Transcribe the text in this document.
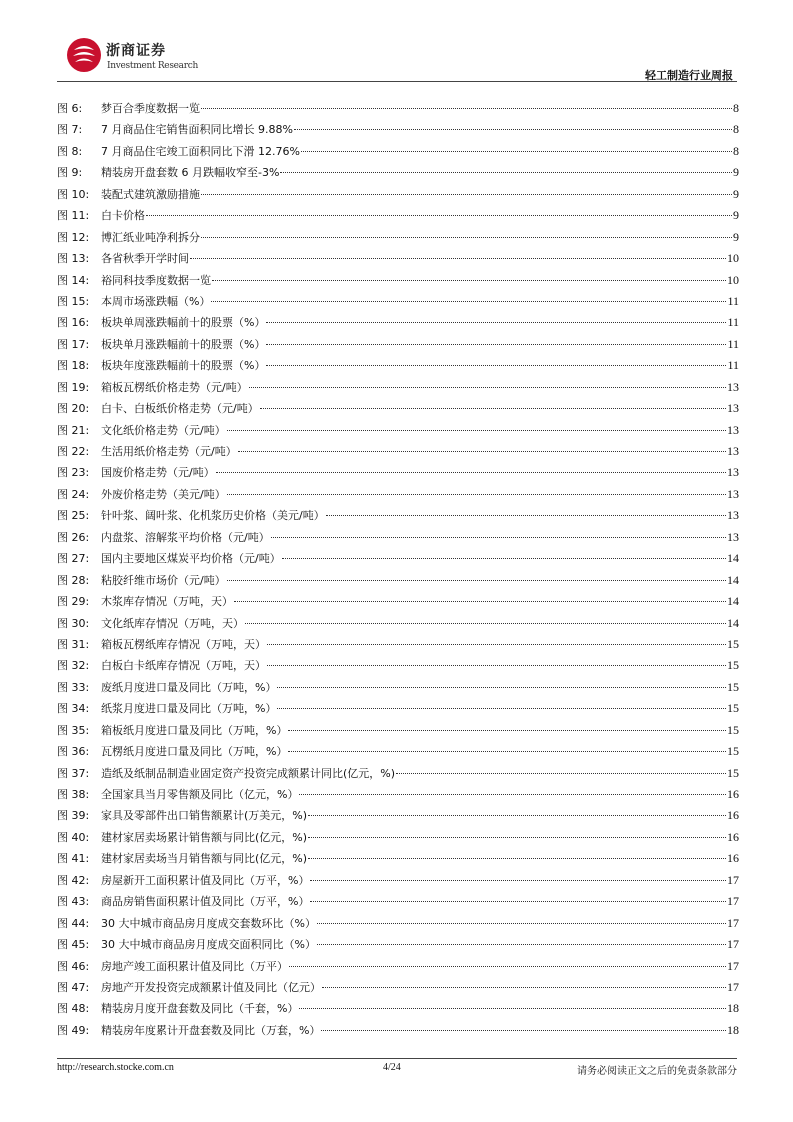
浙商证券
Investment Research
轻工制造行业周报
图 6:	梦百合季度数据一览	8
图 7:	7 月商品住宅销售面积同比增长 9.88%	8
图 8:	7 月商品住宅竣工面积同比下滑 12.76%	8
图 9:	精装房开盘套数 6 月跌幅收窄至-3%	9
图 10:	装配式建筑激励措施	9
图 11:	白卡价格	9
图 12:	博汇纸业吨净利拆分	9
图 13:	各省秋季开学时间	10
图 14:	裕同科技季度数据一览	10
图 15:	本周市场涨跌幅（%）	11
图 16:	板块单周涨跌幅前十的股票（%）	11
图 17:	板块单月涨跌幅前十的股票（%）	11
图 18:	板块年度涨跌幅前十的股票（%）	11
图 19:	箱板瓦楞纸价格走势（元/吨）	13
图 20:	白卡、白板纸价格走势（元/吨）	13
图 21:	文化纸价格走势（元/吨）	13
图 22:	生活用纸价格走势（元/吨）	13
图 23:	国废价格走势（元/吨）	13
图 24:	外废价格走势（美元/吨）	13
图 25:	针叶浆、阔叶浆、化机浆历史价格（美元/吨）	13
图 26:	内盘浆、溶解浆平均价格（元/吨）	13
图 27:	国内主要地区煤炭平均价格（元/吨）	14
图 28:	粘胶纤维市场价（元/吨）	14
图 29:	木浆库存情况（万吨，天）	14
图 30:	文化纸库存情况（万吨，天）	14
图 31:	箱板瓦楞纸库存情况（万吨，天）	15
图 32:	白板白卡纸库存情况（万吨，天）	15
图 33:	废纸月度进口量及同比（万吨，%）	15
图 34:	纸浆月度进口量及同比（万吨，%）	15
图 35:	箱板纸月度进口量及同比（万吨，%）	15
图 36:	瓦楞纸月度进口量及同比（万吨，%）	15
图 37:	造纸及纸制品制造业固定资产投资完成额累计同比(亿元，%)	15
图 38:	全国家具当月零售额及同比（亿元，%）	16
图 39:	家具及零部件出口销售额累计(万美元，%)	16
图 40:	建材家居卖场累计销售额与同比(亿元，%)	16
图 41:	建材家居卖场当月销售额与同比(亿元，%)	16
图 42:	房屋新开工面积累计值及同比（万平，%）	17
图 43:	商品房销售面积累计值及同比（万平，%）	17
图 44:	30 大中城市商品房月度成交套数环比（%）	17
图 45:	30 大中城市商品房月度成交面积同比（%）	17
图 46:	房地产竣工面积累计值及同比（万平）	17
图 47:	房地产开发投资完成额累计值及同比（亿元）	17
图 48:	精装房月度开盘套数及同比（千套，%）	18
图 49:	精装房年度累计开盘套数及同比（万套，%）	18
http://research.stocke.com.cn	4/24	请务必阅读正文之后的免责条款部分
